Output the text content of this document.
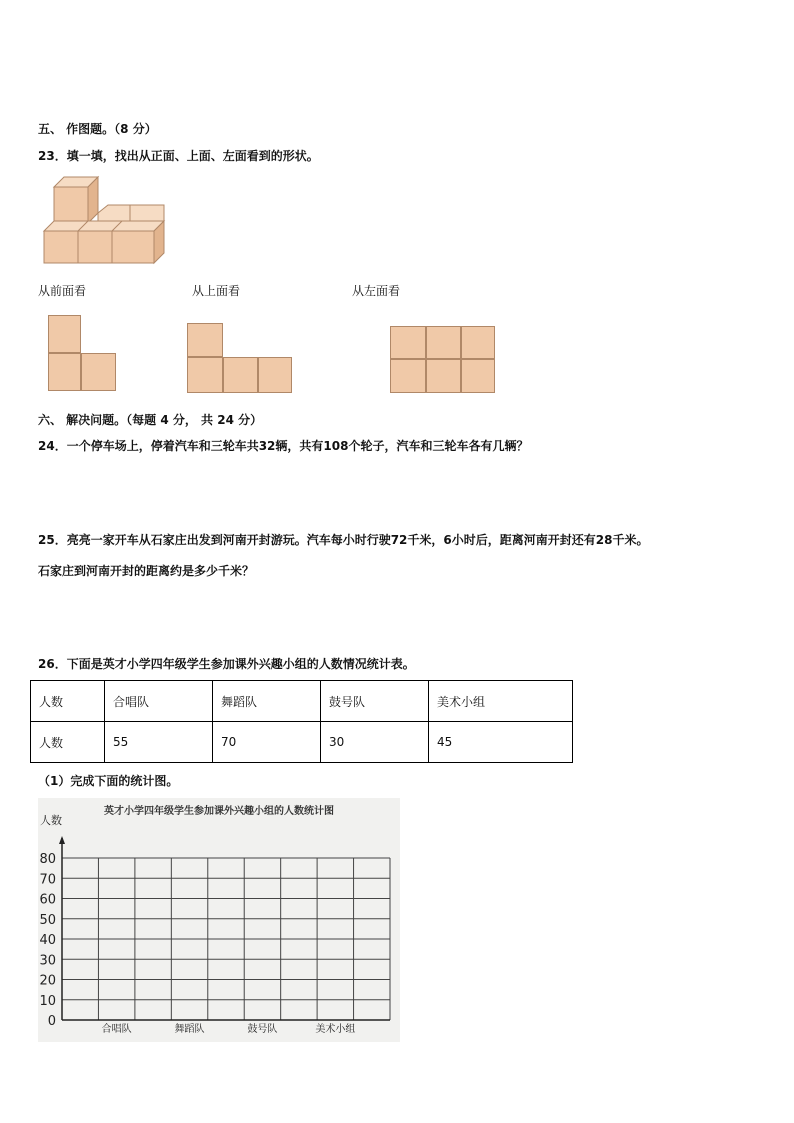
五、 作图题。（8 分）
23．填一填，找出从正面、上面、左面看到的形状。
从前面看	从上面看	从左面看
六、 解决问题。（每题 4 分， 共 24 分）
24．一个停车场上，停着汽车和三轮车共32辆，共有108个轮子，汽车和三轮车各有几辆？
25．亮亮一家开车从石家庄出发到河南开封游玩。汽车每小时行驶72千米，6小时后，距离河南开封还有28千米。
石家庄到河南开封的距离约是多少千米？
26．下面是英才小学四年级学生参加课外兴趣小组的人数情况统计表。
人数	合唱队	舞蹈队	鼓号队	美术小组
人数	55	70	30	45
（1）完成下面的统计图。
英才小学四年级学生参加课外兴趣小组的人数统计图
人数
0
10
20
30
40
50
60
70
80
合唱队	舞蹈队	鼓号队	美术小组
